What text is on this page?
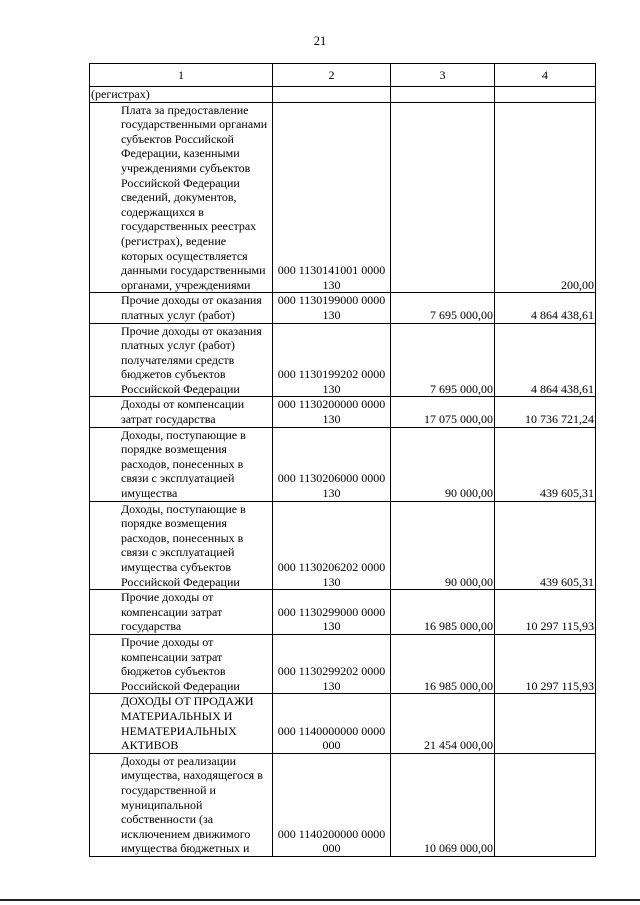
21
1	2	3	4

(регистрах)			

Плата за предоставление государственными органами субъектов Российской Федерации, казенными учреждениями субъектов Российской Федерации сведений, документов, содержащихся в государственных реестрах (регистрах), ведение которых осуществляется данными государственными органами, учреждениями	000 1130141001 0000 130		200,00

Прочие доходы от оказания платных услуг (работ)	000 1130199000 0000 130	7 695 000,00	4 864 438,61

Прочие доходы от оказания платных услуг (работ) получателями средств бюджетов субъектов Российской Федерации	000 1130199202 0000 130	7 695 000,00	4 864 438,61

Доходы от компенсации затрат государства	000 1130200000 0000 130	17 075 000,00	10 736 721,24

Доходы, поступающие в порядке возмещения расходов, понесенных в связи с эксплуатацией имущества	000 1130206000 0000 130	90 000,00	439 605,31

Доходы, поступающие в порядке возмещения расходов, понесенных в связи с эксплуатацией имущества субъектов Российской Федерации	000 1130206202 0000 130	90 000,00	439 605,31

Прочие доходы от компенсации затрат государства	000 1130299000 0000 130	16 985 000,00	10 297 115,93

Прочие доходы от компенсации затрат бюджетов субъектов Российской Федерации	000 1130299202 0000 130	16 985 000,00	10 297 115,93

ДОХОДЫ ОТ ПРОДАЖИ МАТЕРИАЛЬНЫХ И НЕМАТЕРИАЛЬНЫХ АКТИВОВ	000 1140000000 0000 000	21 454 000,00	

Доходы от реализации имущества, находящегося в государственной и муниципальной собственности (за исключением движимого имущества бюджетных и	000 1140200000 0000 000	10 069 000,00	
